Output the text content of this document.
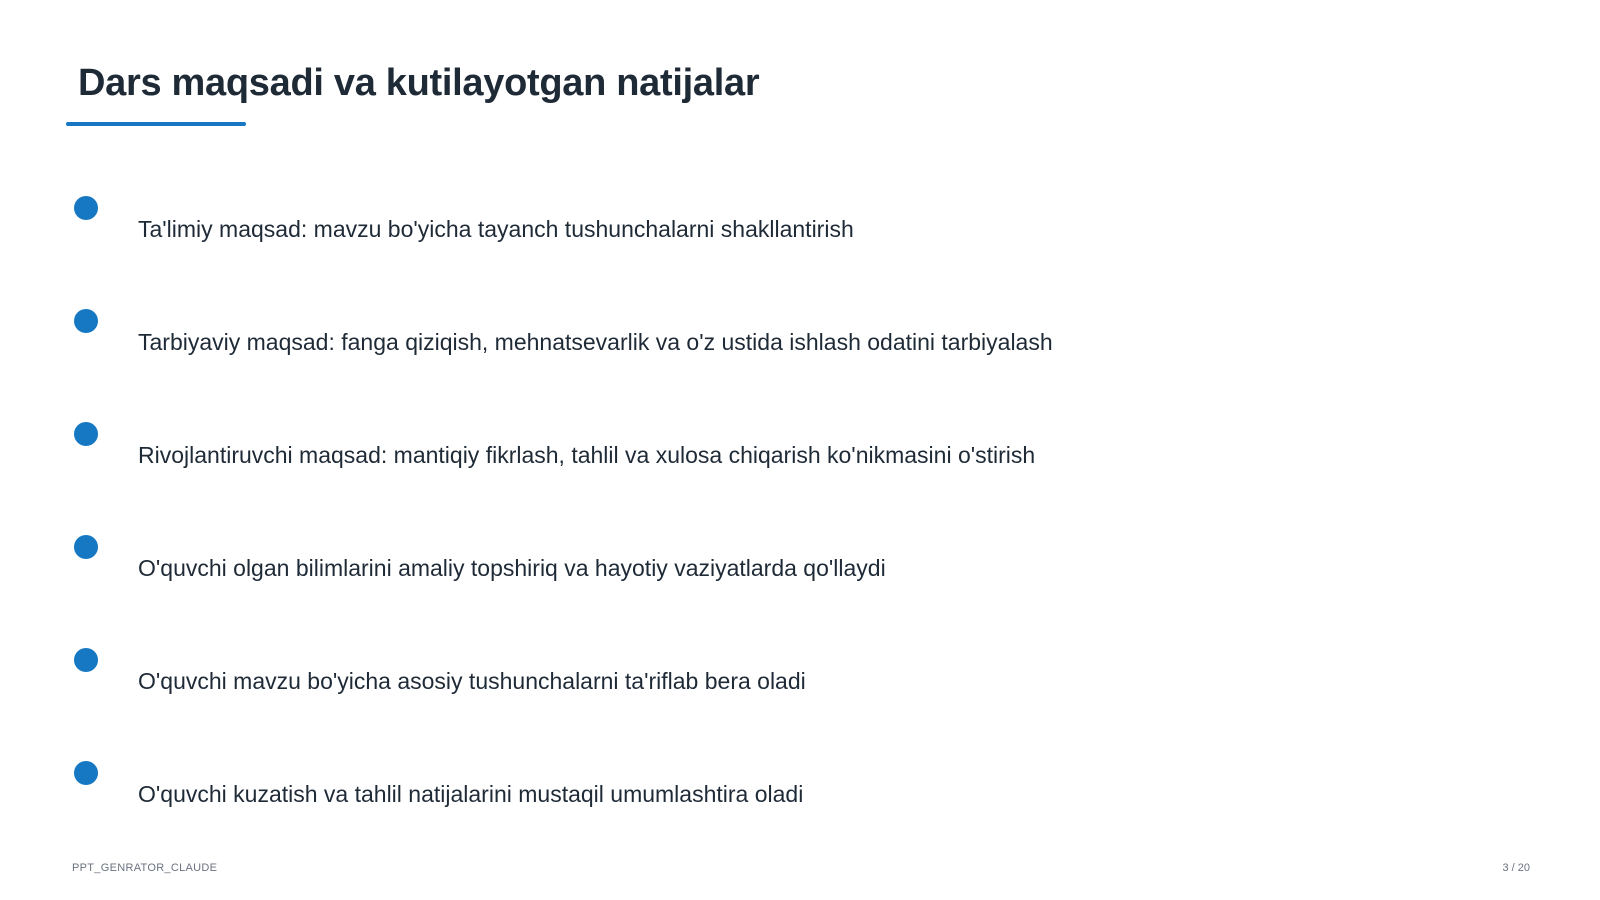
Dars maqsadi va kutilayotgan natijalar
Ta'limiy maqsad: mavzu bo'yicha tayanch tushunchalarni shakllantirish
Tarbiyaviy maqsad: fanga qiziqish, mehnatsevarlik va o'z ustida ishlash odatini tarbiyalash
Rivojlantiruvchi maqsad: mantiqiy fikrlash, tahlil va xulosa chiqarish ko'nikmasini o'stirish
O'quvchi olgan bilimlarini amaliy topshiriq va hayotiy vaziyatlarda qo'llaydi
O'quvchi mavzu bo'yicha asosiy tushunchalarni ta'riflab bera oladi
O'quvchi kuzatish va tahlil natijalarini mustaqil umumlashtira oladi
PPT_GENRATOR_CLAUDE	3 / 20
